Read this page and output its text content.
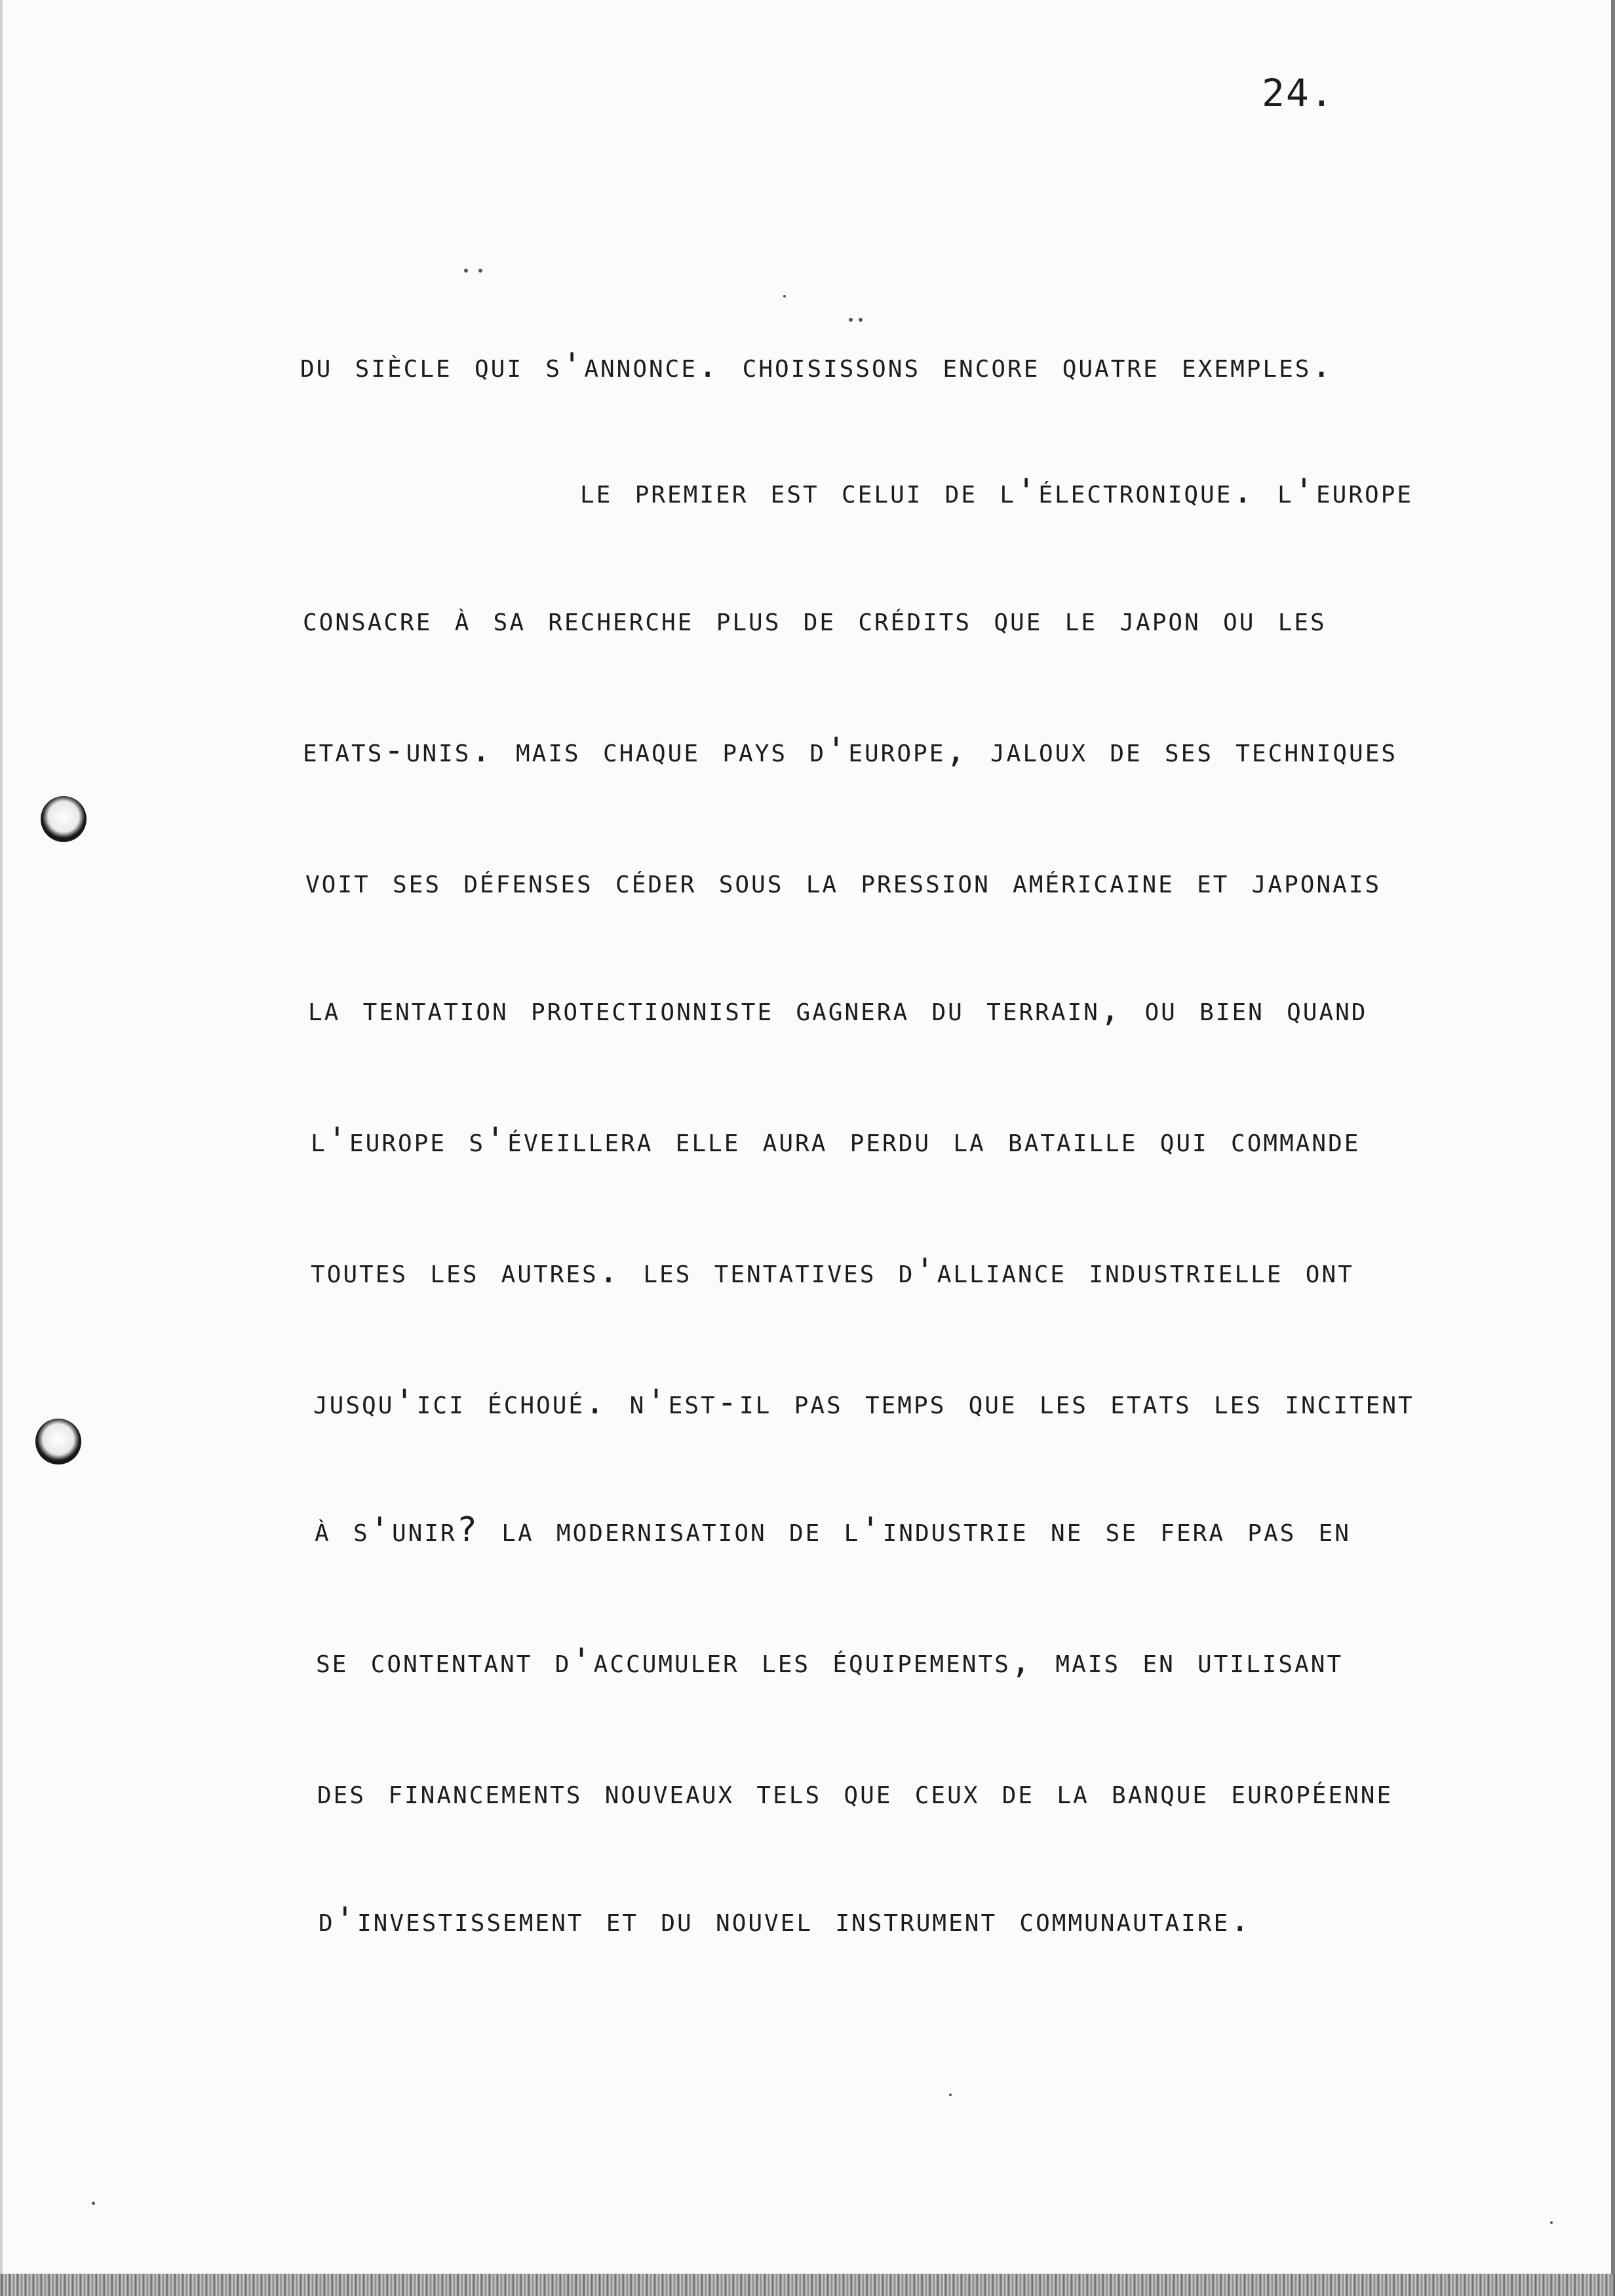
24.
du siècle qui s'annonce. choisissons encore quatre exemples.
le premier est celui de l'électronique. l'europe
consacre à sa recherche plus de crédits que le japon ou les
etats-unis. mais chaque pays d'europe, jaloux de ses techniques
voit ses défenses céder sous la pression américaine et japonais
la tentation protectionniste gagnera du terrain, ou bien quand
l'europe s'éveillera elle aura perdu la bataille qui commande
toutes les autres. les tentatives d'alliance industrielle ont
jusqu'ici échoué. n'est-il pas temps que les etats les incitent
à s'unir? la modernisation de l'industrie ne se fera pas en
se contentant d'accumuler les équipements, mais en utilisant
des financements nouveaux tels que ceux de la banque européenne
d'investissement et du nouvel instrument communautaire.
